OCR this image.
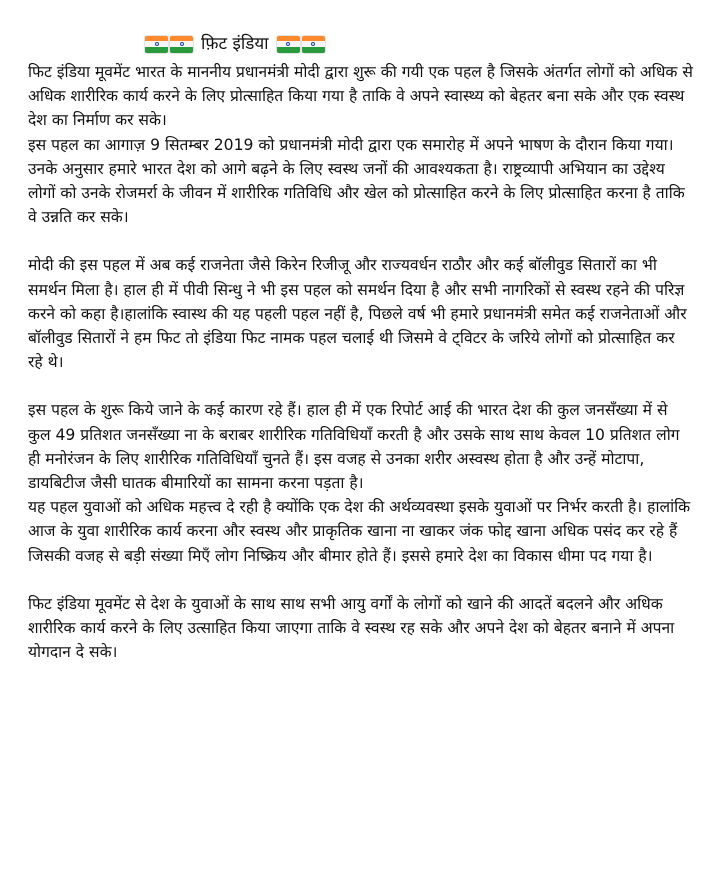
फ़िट इंडिया

फिट इंडिया मूवमेंट भारत के माननीय प्रधानमंत्री मोदी द्वारा शुरू की गयी एक पहल है जिसके अंतर्गत लोगों को अधिक से अधिक शारीरिक कार्य करने के लिए प्रोत्साहित किया गया है ताकि वे अपने स्वास्थ्य को बेहतर बना सके और एक स्वस्थ देश का निर्माण कर सके।

इस पहल का आगाज़ 9 सितम्बर 2019 को प्रधानमंत्री मोदी द्वारा एक समारोह में अपने भाषण के दौरान किया गया। उनके अनुसार हमारे भारत देश को आगे बढ़ने के लिए स्वस्थ जनों की आवश्यकता है। राष्ट्रव्यापी अभियान का उद्देश्य लोगों को उनके रोजमर्रा के जीवन में शारीरिक गतिविधि और खेल को प्रोत्साहित करने के लिए प्रोत्साहित करना है ताकि वे उन्नति कर सके।

मोदी की इस पहल में अब कई राजनेता जैसे किरेन रिजीजू और राज्यवर्धन राठौर और कई बॉलीवुड सितारों का भी समर्थन मिला है। हाल ही में पीवी सिन्धु ने भी इस पहल को समर्थन दिया है और सभी नागरिकों से स्वस्थ रहने की परिज्ञ करने को कहा है।हालांकि स्वास्थ की यह पहली पहल नहीं है, पिछले वर्ष भी हमारे प्रधानमंत्री समेत कई राजनेताओं और बॉलीवुड सितारों ने हम फिट तो इंडिया फिट नामक पहल चलाई थी जिसमे वे ट्विटर के जरिये लोगों को प्रोत्साहित कर रहे थे।

इस पहल के शुरू किये जाने के कई कारण रहे हैं। हाल ही में एक रिपोर्ट आई की भारत देश की कुल जनसँख्या में से कुल 49 प्रतिशत जनसँख्या ना के बराबर शारीरिक गतिविधियाँ करती है और उसके साथ साथ केवल 10 प्रतिशत लोग ही मनोरंजन के लिए शारीरिक गतिविधियाँ चुनते हैं। इस वजह से उनका शरीर अस्वस्थ होता है और उन्हें मोटापा, डायबिटीज जैसी घातक बीमारियों का सामना करना पड़ता है।

यह पहल युवाओं को अधिक महत्त्व दे रही है क्योंकि एक देश की अर्थव्यवस्था इसके युवाओं पर निर्भर करती है। हालांकि आज के युवा शारीरिक कार्य करना और स्वस्थ और प्राकृतिक खाना ना खाकर जंक फोद्द खाना अधिक पसंद कर रहे हैं जिसकी वजह से बड़ी संख्या मिएँ लोग निष्क्रिय और बीमार होते हैं। इससे हमारे देश का विकास धीमा पद गया है।

फिट इंडिया मूवमेंट से देश के युवाओं के साथ साथ सभी आयु वर्गों के लोगों को खाने की आदतें बदलने और अधिक शारीरिक कार्य करने के लिए उत्साहित किया जाएगा ताकि वे स्वस्थ रह सके और अपने देश को बेहतर बनाने में अपना योगदान दे सके।
